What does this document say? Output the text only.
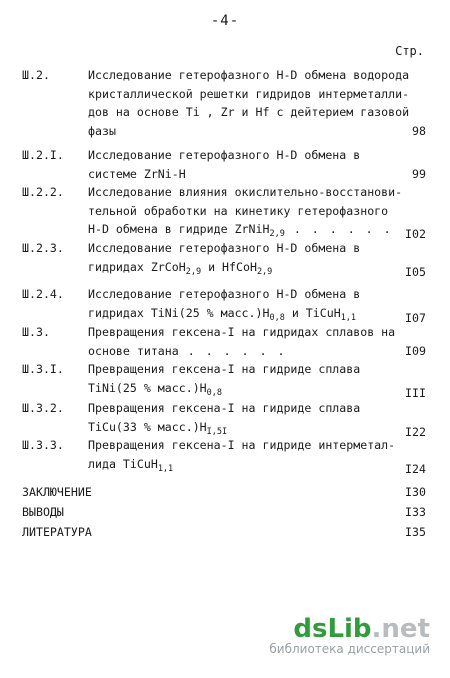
-4-
Стр.
Ш.2.	Исследование гетерофазного H-D обмена водорода
кристаллической решетки гидридов интерметалли-
дов на основе Ti , Zr и Hf с дейтерием газовой
фазы	98
Ш.2.I.	Исследование гетерофазного H-D обмена в
системе ZrNi-H	99
Ш.2.2.	Исследование влияния окислительно-восстанови-
тельной обработки на кинетику гетерофазного
H-D обмена в гидриде ZrNiH$_{2,9}$ . . . . . .	I02
Ш.2.3.	Исследование гетерофазного H-D обмена в
гидридах ZrCoH$_{2,9}$ и HfCoH$_{2,9}$	I05
Ш.2.4.	Исследование гетерофазного H-D обмена в
гидридах TiNi(25 % $масс.)H_{0,8}$ и TiCuH$_{1,1}$	I07
Ш.3.	Превращения гексена-I на гидридах сплавов на
основе титана . . . . . .	I09
Ш.3.I.	Превращения гексена-I на гидриде сплава
TiNi(25 % $масс.)H_{0,8}$	III
Ш.3.2.	Превращения гексена-I на гидриде сплава
TiCu(33 % $масс.)H_{I,5I}$	I22
Ш.3.3.	Превращения гексена-I на гидриде интерметал-
лида TiCuH$_{1,1}$	I24
ЗАКЛЮЧЕНИЕ	I30
ВЫВОДЫ	I33
ЛИТЕРАТУРА	I35
dsLib.net
библиотека диссертаций
